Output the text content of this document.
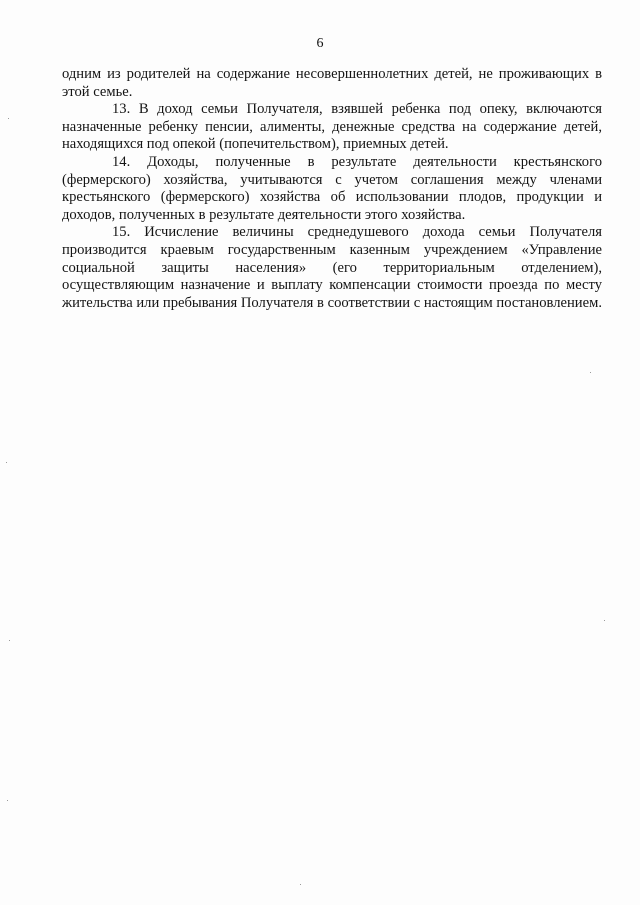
6

одним из родителей на содержание несовершеннолетних детей, не проживающих в этой семье.

13. В доход семьи Получателя, взявшей ребенка под опеку, включаются назначенные ребенку пенсии, алименты, денежные средства на содержание детей, находящихся под опекой (попечительством), приемных детей.

14. Доходы, полученные в результате деятельности крестьянского (фермерского) хозяйства, учитываются с учетом соглашения между членами крестьянского (фермерского) хозяйства об использовании плодов, продукции и доходов, полученных в результате деятельности этого хозяйства.

15. Исчисление величины среднедушевого дохода семьи Получателя производится краевым государственным казенным учреждением «Управление социальной защиты населения» (его территориальным отделением), осуществляющим назначение и выплату компенсации стоимости проезда по месту жительства или пребывания Получателя в соответствии с настоящим постановлением.
